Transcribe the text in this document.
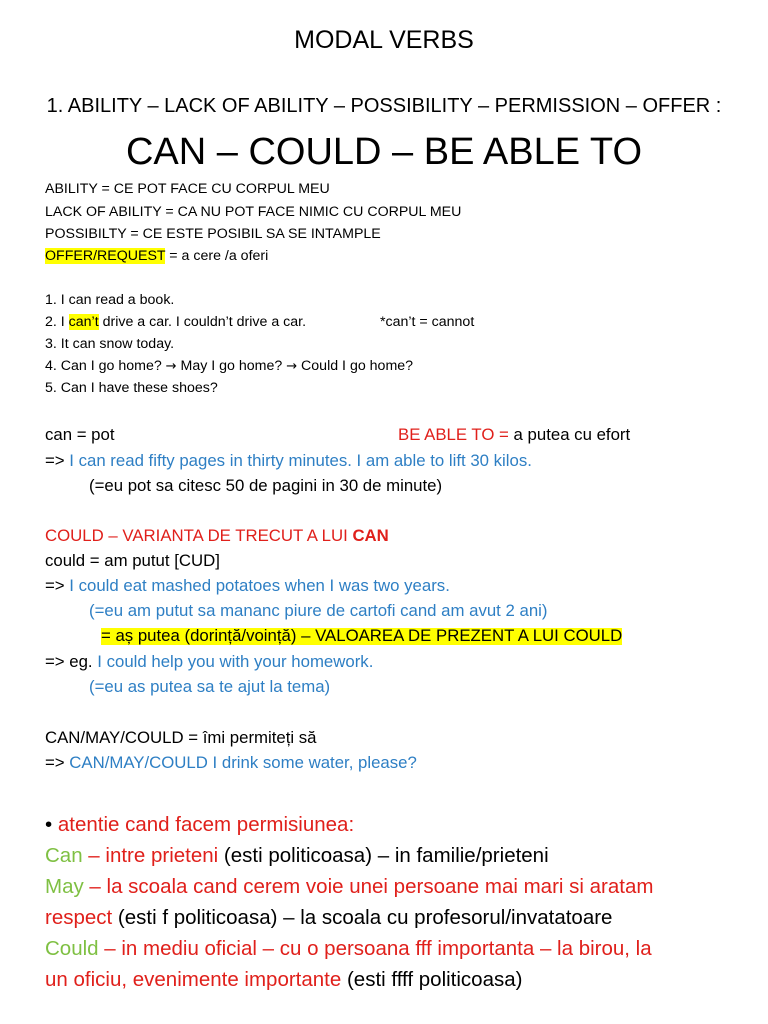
MODAL VERBS
1. ABILITY – LACK OF ABILITY – POSSIBILITY – PERMISSION – OFFER :
CAN – COULD – BE ABLE TO
ABILITY = CE POT FACE CU CORPUL MEU
LACK OF ABILITY = CA NU POT FACE NIMIC CU CORPUL MEU
POSSIBILTY = CE ESTE POSIBIL SA SE INTAMPLE
OFFER/REQUEST = a cere /a oferi
1. I can read a book.
2. I can’t drive a car. I couldn’t drive a car.	*can’t = cannot
3. It can snow today.
4. Can I go home? → May I go home? → Could I go home?
5. Can I have these shoes?
can = pot	BE ABLE TO = a putea cu efort
=> I can read fifty pages in thirty minutes. I am able to lift 30 kilos.
(=eu pot sa citesc 50 de pagini in 30 de minute)
COULD – VARIANTA DE TRECUT A LUI CAN
could = am putut [CUD]
=> I could eat mashed potatoes when I was two years.
(=eu am putut sa mananc piure de cartofi cand am avut 2 ani)
= aș putea (dorință/voință) – VALOAREA DE PREZENT A LUI COULD
=> eg. I could help you with your homework.
(=eu as putea sa te ajut la tema)
CAN/MAY/COULD = îmi permiteți să
=> CAN/MAY/COULD I drink some water, please?
• atentie cand facem permisiunea:
Can – intre prieteni (esti politicoasa) – in familie/prieteni
May – la scoala cand cerem voie unei persoane mai mari si aratam
respect (esti f politicoasa) – la scoala cu profesorul/invatatoare
Could – in mediu oficial – cu o persoana fff importanta – la birou, la
un oficiu, evenimente importante (esti ffff politicoasa)
